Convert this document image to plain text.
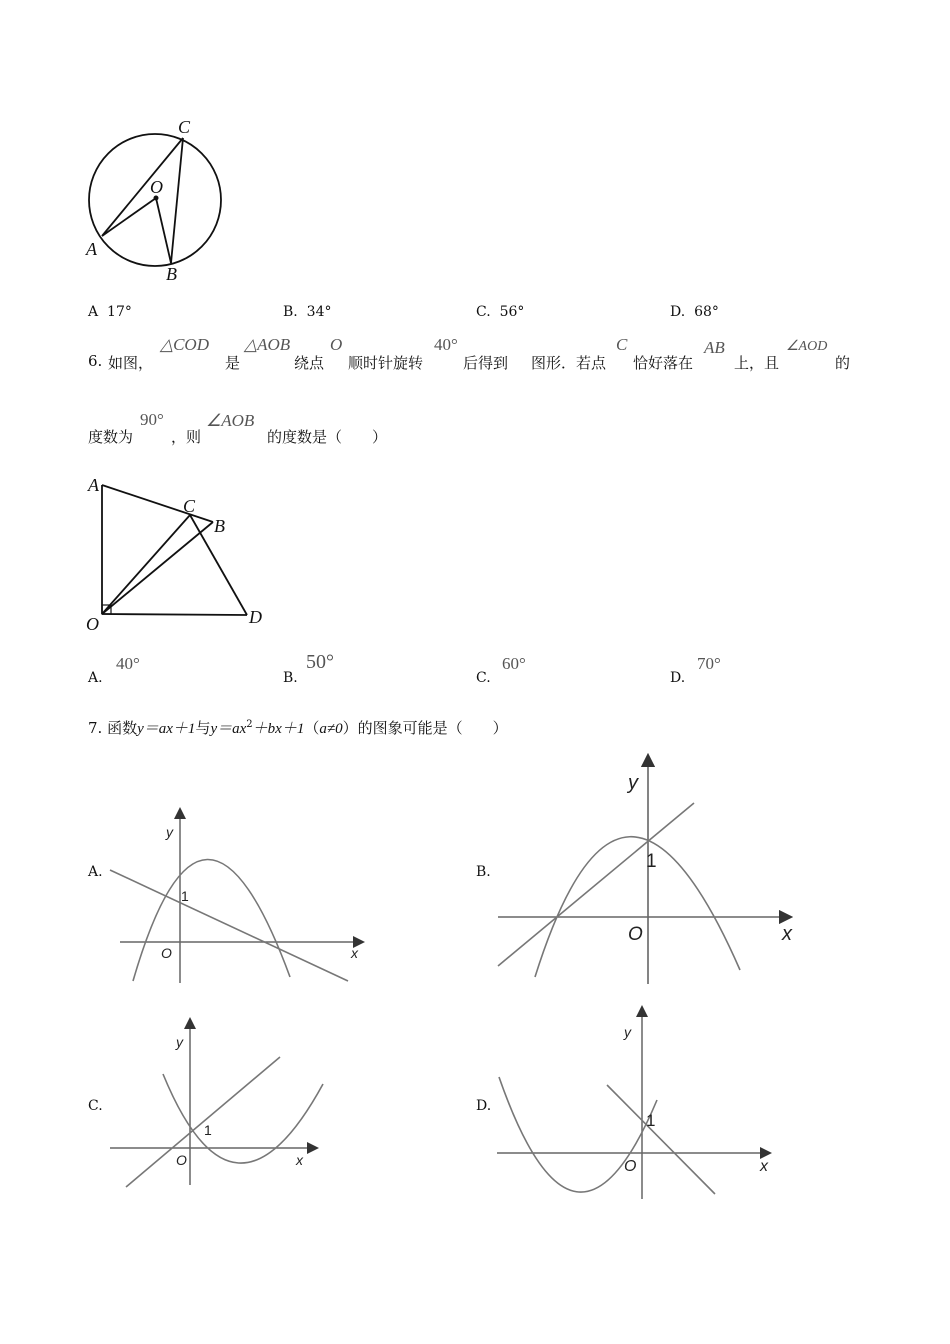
C
O
A
B
A 17°	B. 34°	C. 56°	D. 68°
6. 如图，
△COD
是
△AOB
绕点
O
顺时针旋转
40°
后得到 图形．若点
C
恰好落在
AB
上，且
∠AOD
的
度数为
90°
，则
∠AOB
的度数是（　　）
A
C
B
O	D
A.
40°
B.
50°
C.
60°
D.
70°
7. 函数y＝ax＋1与$y=ax^2+bx+1(a\ne 0)$的图象可能是（　　）
A.	B.
C.	D.
y
1
O	x
y
1
O	x
y
1
O	x
y
1
O	x
